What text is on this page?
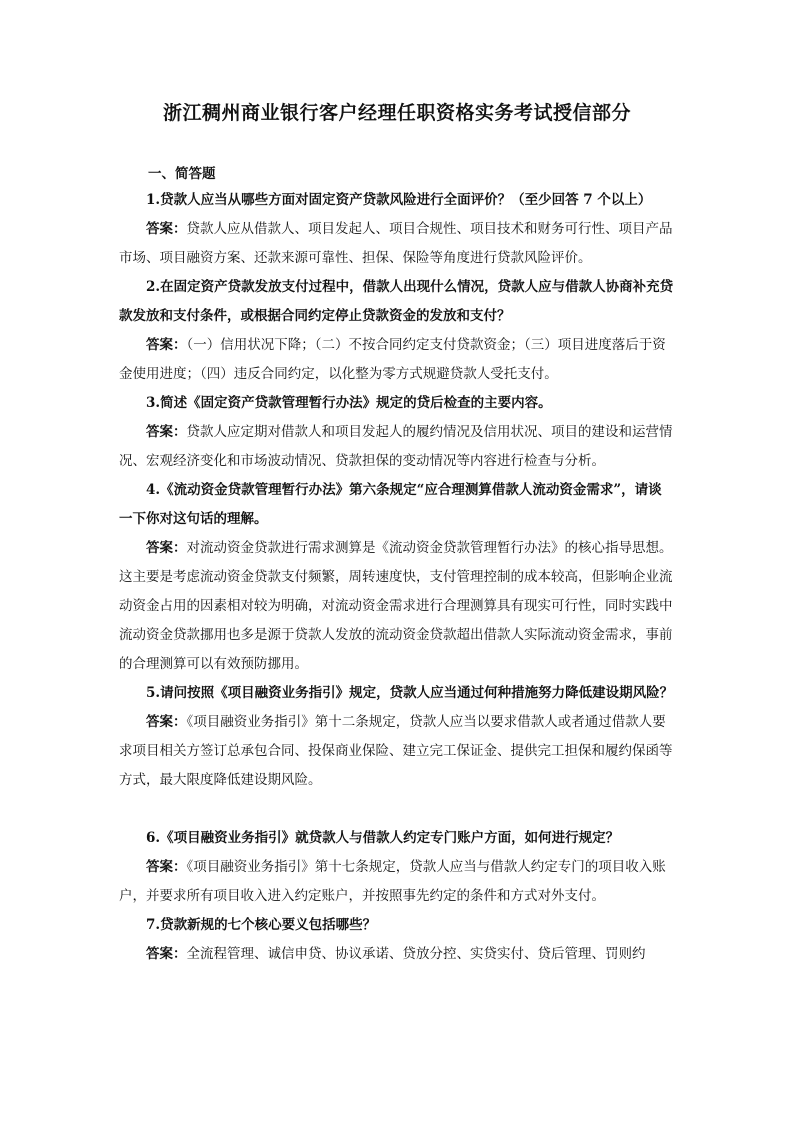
浙江稠州商业银行客户经理任职资格实务考试授信部分
一、简答题

1.贷款人应当从哪些方面对固定资产贷款风险进行全面评价？（至少回答 7 个以上）

答案：贷款人应从借款人、项目发起人、项目合规性、项目技术和财务可行性、项目产品市场、项目融资方案、还款来源可靠性、担保、保险等角度进行贷款风险评价。

2.在固定资产贷款发放支付过程中，借款人出现什么情况，贷款人应与借款人协商补充贷款发放和支付条件，或根据合同约定停止贷款资金的发放和支付？

答案：（一）信用状况下降；（二）不按合同约定支付贷款资金；（三）项目进度落后于资金使用进度；（四）违反合同约定，以化整为零方式规避贷款人受托支付。

3.简述《固定资产贷款管理暂行办法》规定的贷后检查的主要内容。

答案：贷款人应定期对借款人和项目发起人的履约情况及信用状况、项目的建设和运营情况、宏观经济变化和市场波动情况、贷款担保的变动情况等内容进行检查与分析。

4.《流动资金贷款管理暂行办法》第六条规定“应合理测算借款人流动资金需求”，请谈一下你对这句话的理解。

答案：对流动资金贷款进行需求测算是《流动资金贷款管理暂行办法》的核心指导思想。这主要是考虑流动资金贷款支付频繁，周转速度快，支付管理控制的成本较高，但影响企业流动资金占用的因素相对较为明确，对流动资金需求进行合理测算具有现实可行性，同时实践中流动资金贷款挪用也多是源于贷款人发放的流动资金贷款超出借款人实际流动资金需求，事前的合理测算可以有效预防挪用。

5.请问按照《项目融资业务指引》规定，贷款人应当通过何种措施努力降低建设期风险？

答案：《项目融资业务指引》第十二条规定，贷款人应当以要求借款人或者通过借款人要求项目相关方签订总承包合同、投保商业保险、建立完工保证金、提供完工担保和履约保函等方式，最大限度降低建设期风险。

6.《项目融资业务指引》就贷款人与借款人约定专门账户方面，如何进行规定？

答案：《项目融资业务指引》第十七条规定，贷款人应当与借款人约定专门的项目收入账户，并要求所有项目收入进入约定账户，并按照事先约定的条件和方式对外支付。

7.贷款新规的七个核心要义包括哪些？

答案：全流程管理、诚信申贷、协议承诺、贷放分控、实贷实付、贷后管理、罚则约
